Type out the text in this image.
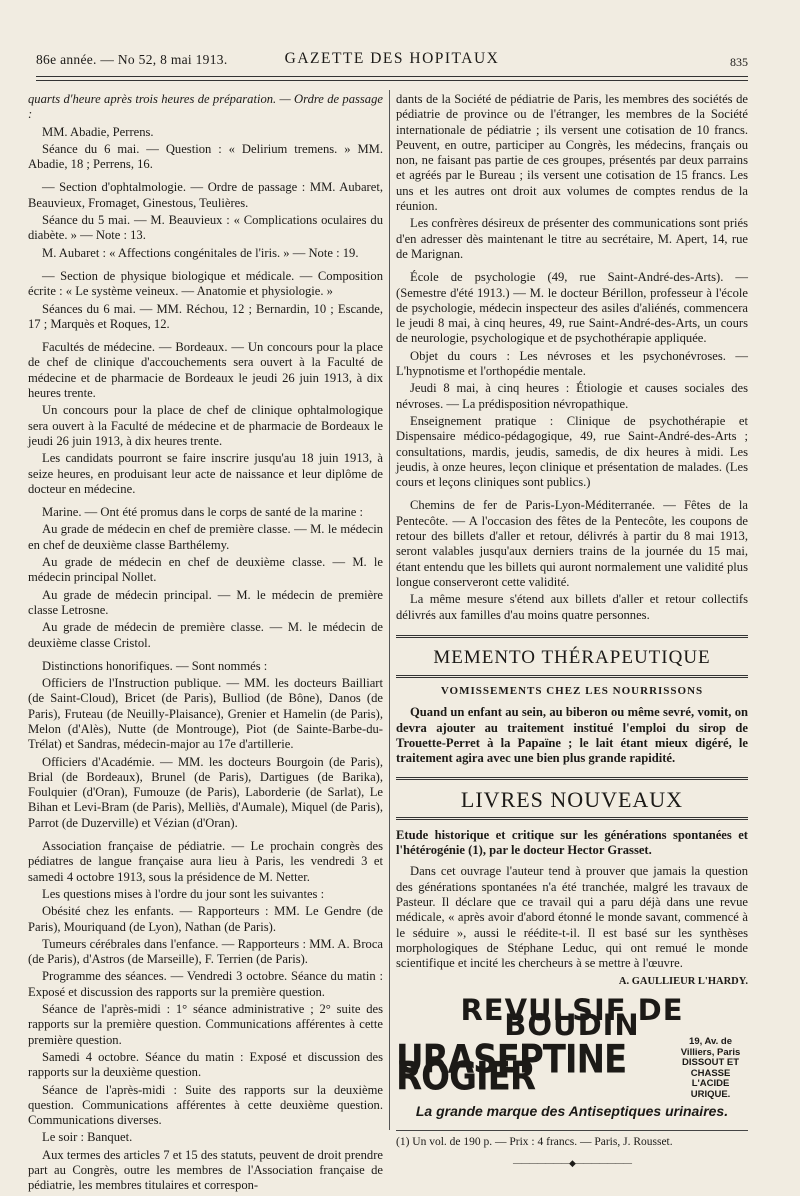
86e année. — No 52, 8 mai 1913.	GAZETTE DES HOPITAUX	835

quarts d'heure après trois heures de préparation. — Ordre de passage :

MM. Abadie, Perrens.

Séance du 6 mai. — Question : « Delirium tremens. » MM. Abadie, 18 ; Perrens, 16.

— Section d'ophtalmologie. — Ordre de passage : MM. Aubaret, Beauvieux, Fromaget, Ginestous, Teulières.

Séance du 5 mai. — M. Beauvieux : « Complications oculaires du diabète. » — Note : 13.

M. Aubaret : « Affections congénitales de l'iris. » — Note : 19.

— Section de physique biologique et médicale. — Composition écrite : « Le système veineux. — Anatomie et physiologie. »

Séances du 6 mai. — MM. Réchou, 12 ; Bernardin, 10 ; Escande, 17 ; Marquès et Roques, 12.

Facultés de médecine. — Bordeaux. — Un concours pour la place de chef de clinique d'accouchements sera ouvert à la Faculté de médecine et de pharmacie de Bordeaux le jeudi 26 juin 1913, à dix heures trente.

Un concours pour la place de chef de clinique ophtalmologique sera ouvert à la Faculté de médecine et de pharmacie de Bordeaux le jeudi 26 juin 1913, à dix heures trente.

Les candidats pourront se faire inscrire jusqu'au 18 juin 1913, à seize heures, en produisant leur acte de naissance et leur diplôme de docteur en médecine.

Marine. — Ont été promus dans le corps de santé de la marine :

Au grade de médecin en chef de première classe. — M. le médecin en chef de deuxième classe Barthélemy.

Au grade de médecin en chef de deuxième classe. — M. le médecin principal Nollet.

Au grade de médecin principal. — M. le médecin de première classe Letrosne.

Au grade de médecin de première classe. — M. le médecin de deuxième classe Cristol.

Distinctions honorifiques. — Sont nommés :

Officiers de l'Instruction publique. — MM. les docteurs Bailliart (de Saint-Cloud), Bricet (de Paris), Bulliod (de Bône), Danos (de Paris), Fruteau (de Neuilly-Plaisance), Grenier et Hamelin (de Paris), Melon (d'Alès), Nutte (de Montrouge), Piot (de Sainte-Barbe-du-Trélat) et Sandras, médecin-major au 17e d'artillerie.

Officiers d'Académie. — MM. les docteurs Bourgoin (de Paris), Brial (de Bordeaux), Brunel (de Paris), Dartigues (de Barika), Foulquier (d'Oran), Fumouze (de Paris), Laborderie (de Sarlat), Le Bihan et Levi-Bram (de Paris), Melliès, d'Aumale), Miquel (de Paris), Parrot (de Duzerville) et Vézian (d'Oran).

Association française de pédiatrie. — Le prochain congrès des pédiatres de langue française aura lieu à Paris, les vendredi 3 et samedi 4 octobre 1913, sous la présidence de M. Netter.

Les questions mises à l'ordre du jour sont les suivantes :

Obésité chez les enfants. — Rapporteurs : MM. Le Gendre (de Paris), Mouriquand (de Lyon), Nathan (de Paris).

Tumeurs cérébrales dans l'enfance. — Rapporteurs : MM. A. Broca (de Paris), d'Astros (de Marseille), F. Terrien (de Paris).

Programme des séances. — Vendredi 3 octobre. Séance du matin : Exposé et discussion des rapports sur la première question.

Séance de l'après-midi : 1° séance administrative ; 2° suite des rapports sur la première question. Communications afférentes à cette première question.

Samedi 4 octobre. Séance du matin : Exposé et discussion des rapports sur la deuxième question.

Séance de l'après-midi : Suite des rapports sur la deuxième question. Communications afférentes à cette deuxième question. Communications diverses.

Le soir : Banquet.

Aux termes des articles 7 et 15 des statuts, peuvent de droit prendre part au Congrès, outre les membres de l'Association française de pédiatrie, les membres titulaires et correspon-

dants de la Société de pédiatrie de Paris, les membres des sociétés de pédiatrie de province ou de l'étranger, les membres de la Société internationale de pédiatrie ; ils versent une cotisation de 10 francs. Peuvent, en outre, participer au Congrès, les médecins, français ou non, ne faisant pas partie de ces groupes, présentés par deux parrains et agréés par le Bureau ; ils versent une cotisation de 15 francs. Les uns et les autres ont droit aux volumes de comptes rendus de la réunion.

Les confrères désireux de présenter des communications sont priés d'en adresser dès maintenant le titre au secrétaire, M. Apert, 14, rue de Marignan.

École de psychologie (49, rue Saint-André-des-Arts). — (Semestre d'été 1913.) — M. le docteur Bérillon, professeur à l'école de psychologie, médecin inspecteur des asiles d'aliénés, commencera le jeudi 8 mai, à cinq heures, 49, rue Saint-André-des-Arts, un cours de neurologie, psychologique et de psychothérapie appliquée.

Objet du cours : Les névroses et les psychonévroses. — L'hypnotisme et l'orthopédie mentale.

Jeudi 8 mai, à cinq heures : Étiologie et causes sociales des névroses. — La prédisposition névropathique.

Enseignement pratique : Clinique de psychothérapie et Dispensaire médico-pédagogique, 49, rue Saint-André-des-Arts ; consultations, mardis, jeudis, samedis, de dix heures à midi. Les jeudis, à onze heures, leçon clinique et présentation de malades. (Les cours et leçons cliniques sont publics.)

Chemins de fer de Paris-Lyon-Méditerranée. — Fêtes de la Pentecôte. — A l'occasion des fêtes de la Pentecôte, les coupons de retour des billets d'aller et retour, délivrés à partir du 8 mai 1913, seront valables jusqu'aux derniers trains de la journée du 15 mai, étant entendu que les billets qui auront normalement une validité plus longue conserveront cette validité.

La même mesure s'étend aux billets d'aller et retour collectifs délivrés aux familles d'au moins quatre personnes.

MEMENTO THÉRAPEUTIQUE
VOMISSEMENTS CHEZ LES NOURRISSONS

Quand un enfant au sein, au biberon ou même sevré, vomit, on devra ajouter au traitement institué l'emploi du sirop de Trouette-Perret à la Papaïne ; le lait étant mieux digéré, le traitement agira avec une bien plus grande rapidité.

LIVRES NOUVEAUX

Etude historique et critique sur les générations spontanées et l'hétérogénie (1), par le docteur Hector Grasset.

Dans cet ouvrage l'auteur tend à prouver que jamais la question des générations spontanées n'a été tranchée, malgré les travaux de Pasteur. Il déclare que ce travail qui a paru déjà dans une revue médicale, « après avoir d'abord étonné le monde savant, commencé à le séduire », aussi le réédite-t-il. Il est basé sur les synthèses morphologiques de Stéphane Leduc, qui ont remué le monde scientifique et incité les chercheurs à se mettre à l'œuvre.

A. GAULLIEUR L'HARDY.

REVULSIF DE BOUDIN
URASEPTINE ROGIER
19, Av. de Villiers, Paris
DISSOUT ET CHASSE
L'ACIDE URIQUE.
La grande marque des Antiseptiques urinaires.
(1) Un vol. de 190 p. — Prix : 4 francs. — Paris, J. Rousset.
———————◆———————
